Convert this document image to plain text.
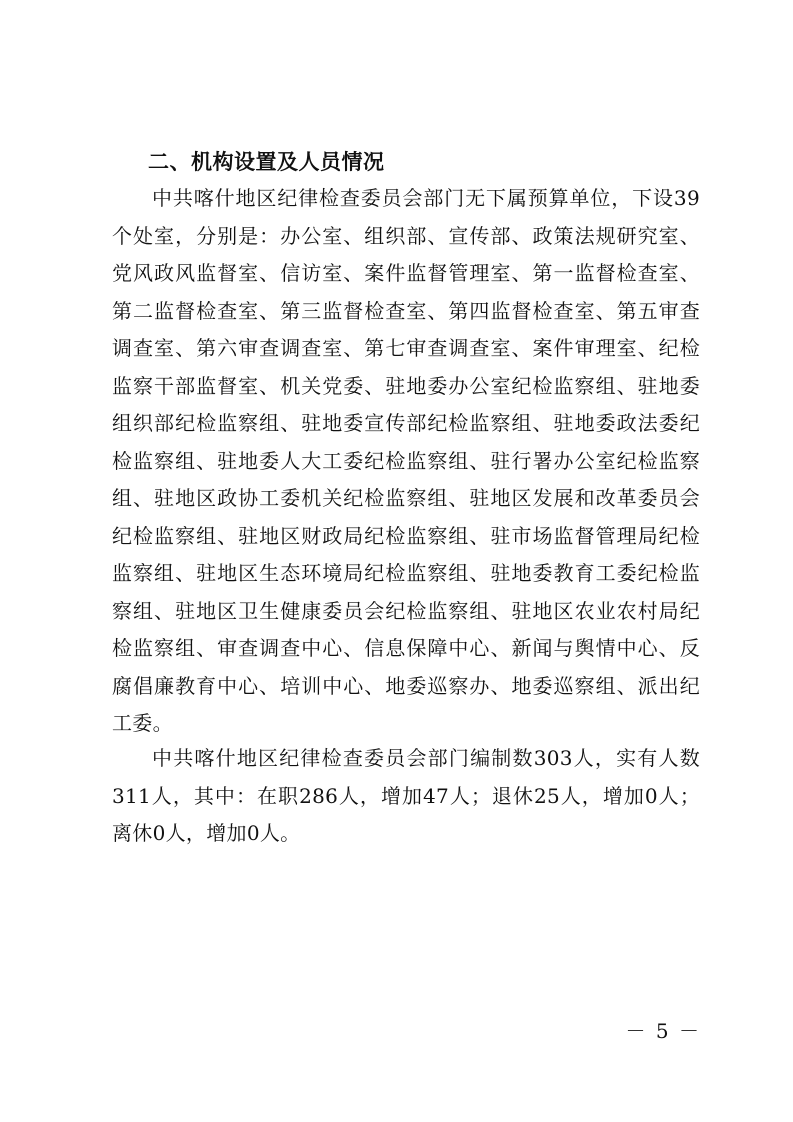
二、机构设置及人员情况

中共喀什地区纪律检查委员会部门无下属预算单位，下设39个处室，分别是：办公室、组织部、宣传部、政策法规研究室、党风政风监督室、信访室、案件监督管理室、第一监督检查室、第二监督检查室、第三监督检查室、第四监督检查室、第五审查调查室、第六审查调查室、第七审查调查室、案件审理室、纪检监察干部监督室、机关党委、驻地委办公室纪检监察组、驻地委组织部纪检监察组、驻地委宣传部纪检监察组、驻地委政法委纪检监察组、驻地委人大工委纪检监察组、驻行署办公室纪检监察组、驻地区政协工委机关纪检监察组、驻地区发展和改革委员会纪检监察组、驻地区财政局纪检监察组、驻市场监督管理局纪检监察组、驻地区生态环境局纪检监察组、驻地委教育工委纪检监察组、驻地区卫生健康委员会纪检监察组、驻地区农业农村局纪检监察组、审查调查中心、信息保障中心、新闻与舆情中心、反腐倡廉教育中心、培训中心、地委巡察办、地委巡察组、派出纪工委。

中共喀什地区纪律检查委员会部门编制数303人，实有人数311人，其中：在职286人，增加47人；退休25人，增加0人；离休0人，增加0人。

－ 5 －
